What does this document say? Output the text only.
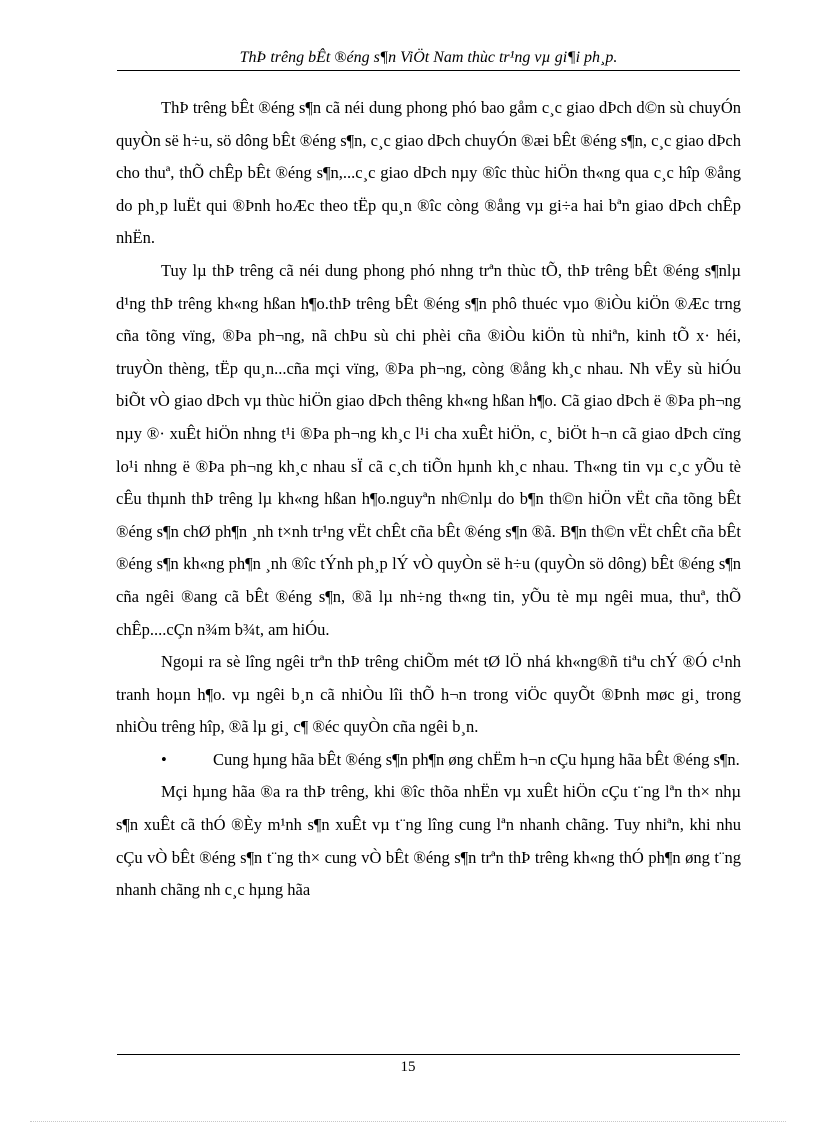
ThÞ trêng bÊt ®éng s¶n ViÖt Nam thùc tr¹ng vµ gi¶i ph¸p.

ThÞ trêng bÊt ®éng s¶n cã néi dung phong phó bao gåm c¸c giao dÞch d©n sù chuyÓn quyÒn së h÷u, sö dông bÊt ®éng s¶n, c¸c giao dÞch chuyÓn ®æi bÊt ®éng s¶n, c¸c giao dÞch cho thuª, thÕ chÊp bÊt ®éng s¶n,...c¸c giao dÞch nµy ®îc thùc hiÖn th«ng qua c¸c hîp ®ång do ph¸p luËt qui ®Þnh hoÆc theo tËp qu¸n ®îc còng ®ång vµ gi÷a hai bªn giao dÞch chÊp nhËn.

Tuy lµ thÞ trêng cã néi dung phong phó nhng trªn thùc tÕ, thÞ trêng bÊt ®éng s¶nlµ d¹ng thÞ trêng kh«ng hßan h¶o.thÞ trêng bÊt ®éng s¶n phô thuéc vµo ®iÒu kiÖn ®Æc trng cña tõng vïng, ®Þa ph¬ng, nã chÞu sù chi phèi cña ®iÒu kiÖn tù nhiªn, kinh tÕ x· héi, truyÒn thèng, tËp qu¸n...cña mçi vïng, ®Þa ph¬ng, còng ®ång kh¸c nhau. Nh vËy sù hiÓu biÕt vÒ giao dÞch vµ thùc hiÖn giao dÞch thêng kh«ng hßan h¶o. Cã giao dÞch ë ®Þa ph¬ng nµy ®· xuÊt hiÖn nhng t¹i ®Þa ph¬ng kh¸c l¹i cha xuÊt hiÖn, c¸ biÖt h¬n cã giao dÞch cïng lo¹i nhng ë ®Þa ph¬ng kh¸c nhau sÏ cã c¸ch tiÕn hµnh kh¸c nhau. Th«ng tin vµ c¸c yÕu tè cÊu thµnh thÞ trêng lµ kh«ng hßan h¶o.nguyªn nh©nlµ do b¶n th©n hiÖn vËt cña tõng bÊt ®éng s¶n chØ ph¶n ¸nh t×nh tr¹ng vËt chÊt cña bÊt ®éng s¶n ®ã. B¶n th©n vËt chÊt cña bÊt ®éng s¶n kh«ng ph¶n ¸nh ®îc tÝnh ph¸p lÝ vÒ quyÒn së h÷u (quyÒn sö dông) bÊt ®éng s¶n cña ngêi ®ang cã bÊt ®éng s¶n, ®ã lµ nh÷ng th«ng tin, yÕu tè mµ ngêi mua, thuª, thÕ chÊp....cÇn n¾m b¾t, am hiÓu.

Ngoµi ra sè lîng ngêi trªn thÞ trêng chiÕm mét tØ lÖ nhá kh«ng®ñ tiªu chÝ ®Ó c¹nh tranh hoµn h¶o. vµ ngêi b¸n cã nhiÒu lîi thÕ h¬n trong viÖc quyÕt ®Þnh møc gi¸ trong nhiÒu trêng hîp, ®ã lµ gi¸ c¶ ®éc quyÒn cña ngêi b¸n.

•	Cung hµng hãa bÊt ®éng s¶n ph¶n øng chËm h¬n cÇu hµng hãa bÊt ®éng s¶n.

Mçi hµng hãa ®a ra thÞ trêng, khi ®îc thõa nhËn vµ xuÊt hiÖn cÇu t¨ng lªn th× nhµ s¶n xuÊt cã thÓ ®Èy m¹nh s¶n xuÊt vµ t¨ng lîng cung lªn nhanh chãng. Tuy nhiªn, khi nhu cÇu vÒ bÊt ®éng s¶n t¨ng th× cung vÒ bÊt ®éng s¶n trªn thÞ trêng kh«ng thÓ ph¶n øng t¨ng nhanh chãng nh c¸c hµng hãa

15
